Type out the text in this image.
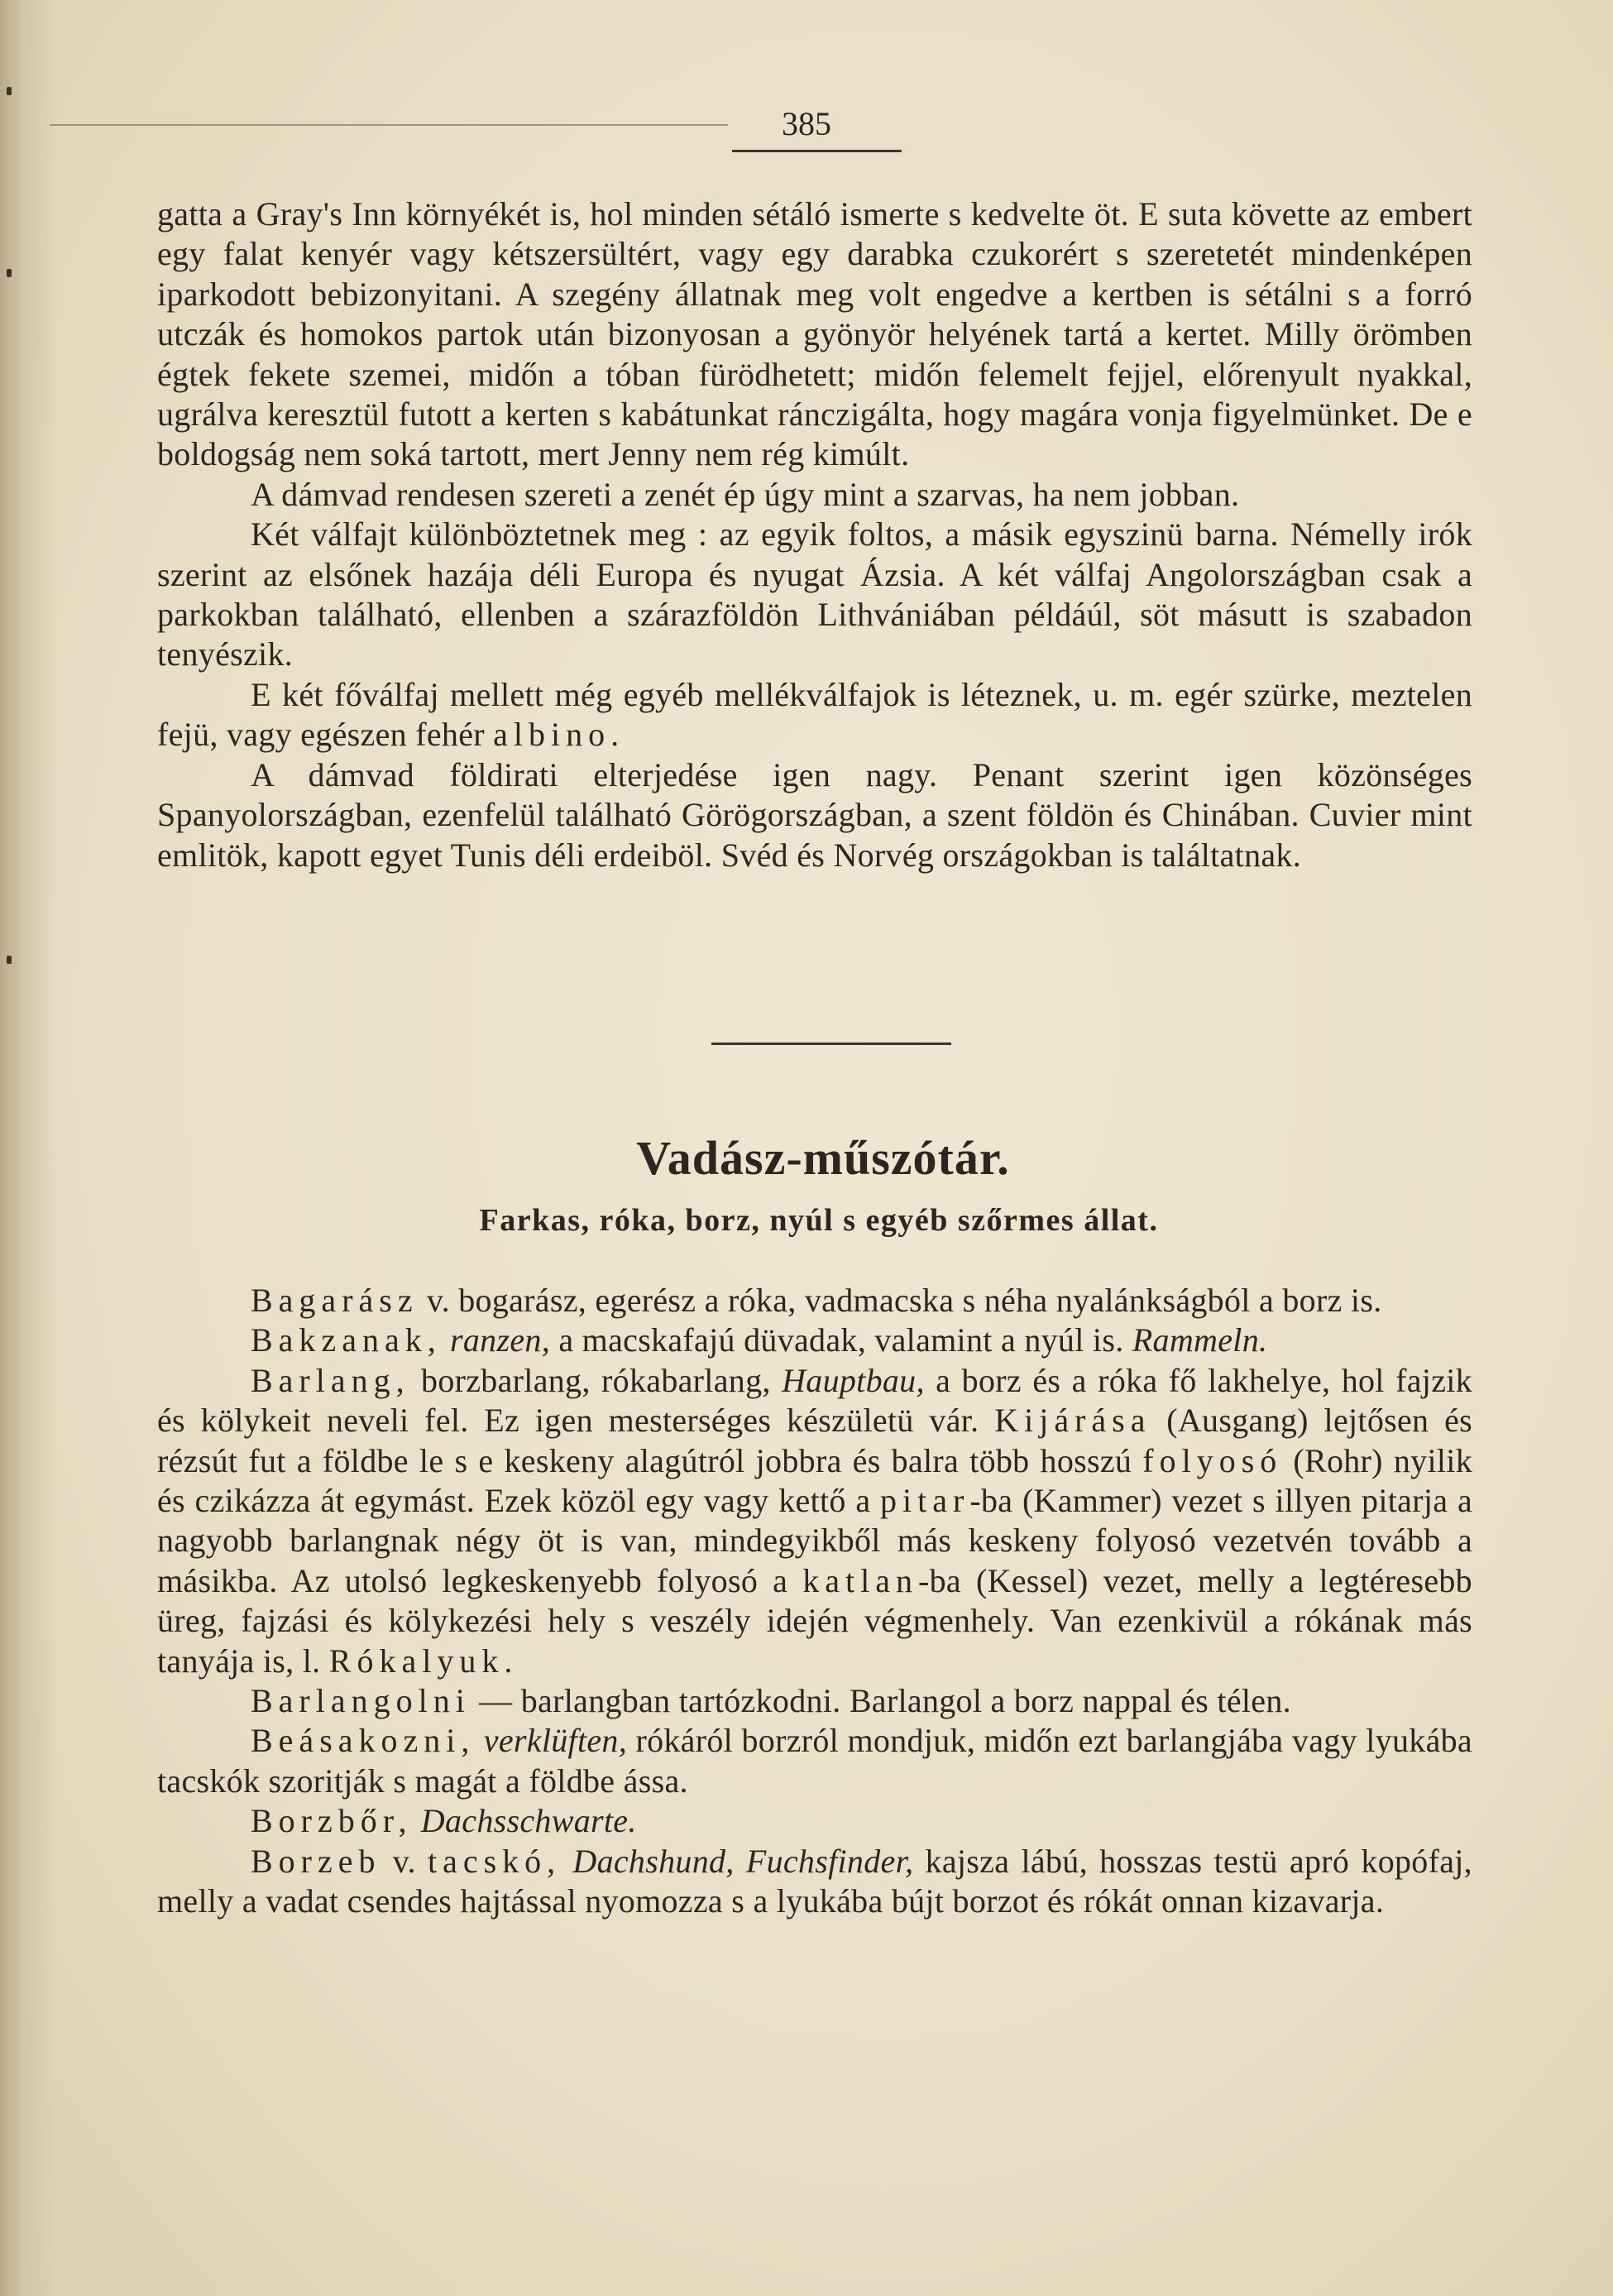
385

gatta a Gray's Inn környékét is, hol minden sétáló ismerte s kedvelte öt. E suta követte az embert egy falat kenyér vagy kétszersültért, vagy egy darabka czukorért s szeretetét mindenképen iparkodott bebizonyitani. A szegény állatnak meg volt engedve a kertben is sétálni s a forró utczák és homokos partok után bizonyosan a gyönyör helyének tartá a kertet. Milly örömben égtek fekete szemei, midőn a tóban fürödhetett; midőn felemelt fejjel, előrenyult nyakkal, ugrálva keresztül futott a kerten s kabátunkat ránczigálta, hogy magára vonja figyelmünket. De e boldogság nem soká tartott, mert Jenny nem rég kimúlt.

A dámvad rendesen szereti a zenét ép úgy mint a szarvas, ha nem jobban.

Két válfajt különböztetnek meg : az egyik foltos, a másik egyszinü barna. Némelly irók szerint az elsőnek hazája déli Europa és nyugat Ázsia. A két válfaj Angolországban csak a parkokban található, ellenben a szárazföldön Lithvániában példáúl, söt másutt is szabadon tenyészik.

E két főválfaj mellett még egyéb mellékválfajok is léteznek, u. m. egér szürke, meztelen fejü, vagy egészen fehér albino.

A dámvad földirati elterjedése igen nagy. Penant szerint igen közönséges Spanyolországban, ezenfelül található Görögországban, a szent földön és Chinában. Cuvier mint emlitök, kapott egyet Tunis déli erdeiböl. Svéd és Norvég országokban is találtatnak.

Vadász-műszótár.
Farkas, róka, borz, nyúl s egyéb szőrmes állat.

Bagarász v. bogarász, egerész a róka, vadmacska s néha nyalánkságból a borz is.

Bakzanak, ranzen, a macskafajú düvadak, valamint a nyúl is. Rammeln.

Barlang, borzbarlang, rókabarlang, Hauptbau, a borz és a róka fő lakhelye, hol fajzik és kölykeit neveli fel. Ez igen mesterséges készületü vár. Kijárása (Ausgang) lejtősen és rézsút fut a földbe le s e keskeny alagútról jobbra és balra több hosszú folyosó (Rohr) nyilik és czikázza át egymást. Ezek közöl egy vagy kettő a pitar-ba (Kammer) vezet s illyen pitarja a nagyobb barlangnak négy öt is van, mindegyikből más keskeny folyosó vezetvén tovább a másikba. Az utolsó legkeskenyebb folyosó a katlan-ba (Kessel) vezet, melly a legtéresebb üreg, fajzási és kölykezési hely s veszély idején végmenhely. Van ezenkivül a rókának más tanyája is, l. Rókalyuk.

Barlangolni — barlangban tartózkodni. Barlangol a borz nappal és télen.

Beásakozni, verklüften, rókáról borzról mondjuk, midőn ezt barlangjába vagy lyukába tacskók szoritják s magát a földbe ássa.

Borzbőr, Dachsschwarte.

Borzeb v. tacskó, Dachshund, Fuchsfinder, kajsza lábú, hosszas testü apró kopófaj, melly a vadat csendes hajtással nyomozza s a lyukába bújt borzot és rókát onnan kizavarja.
